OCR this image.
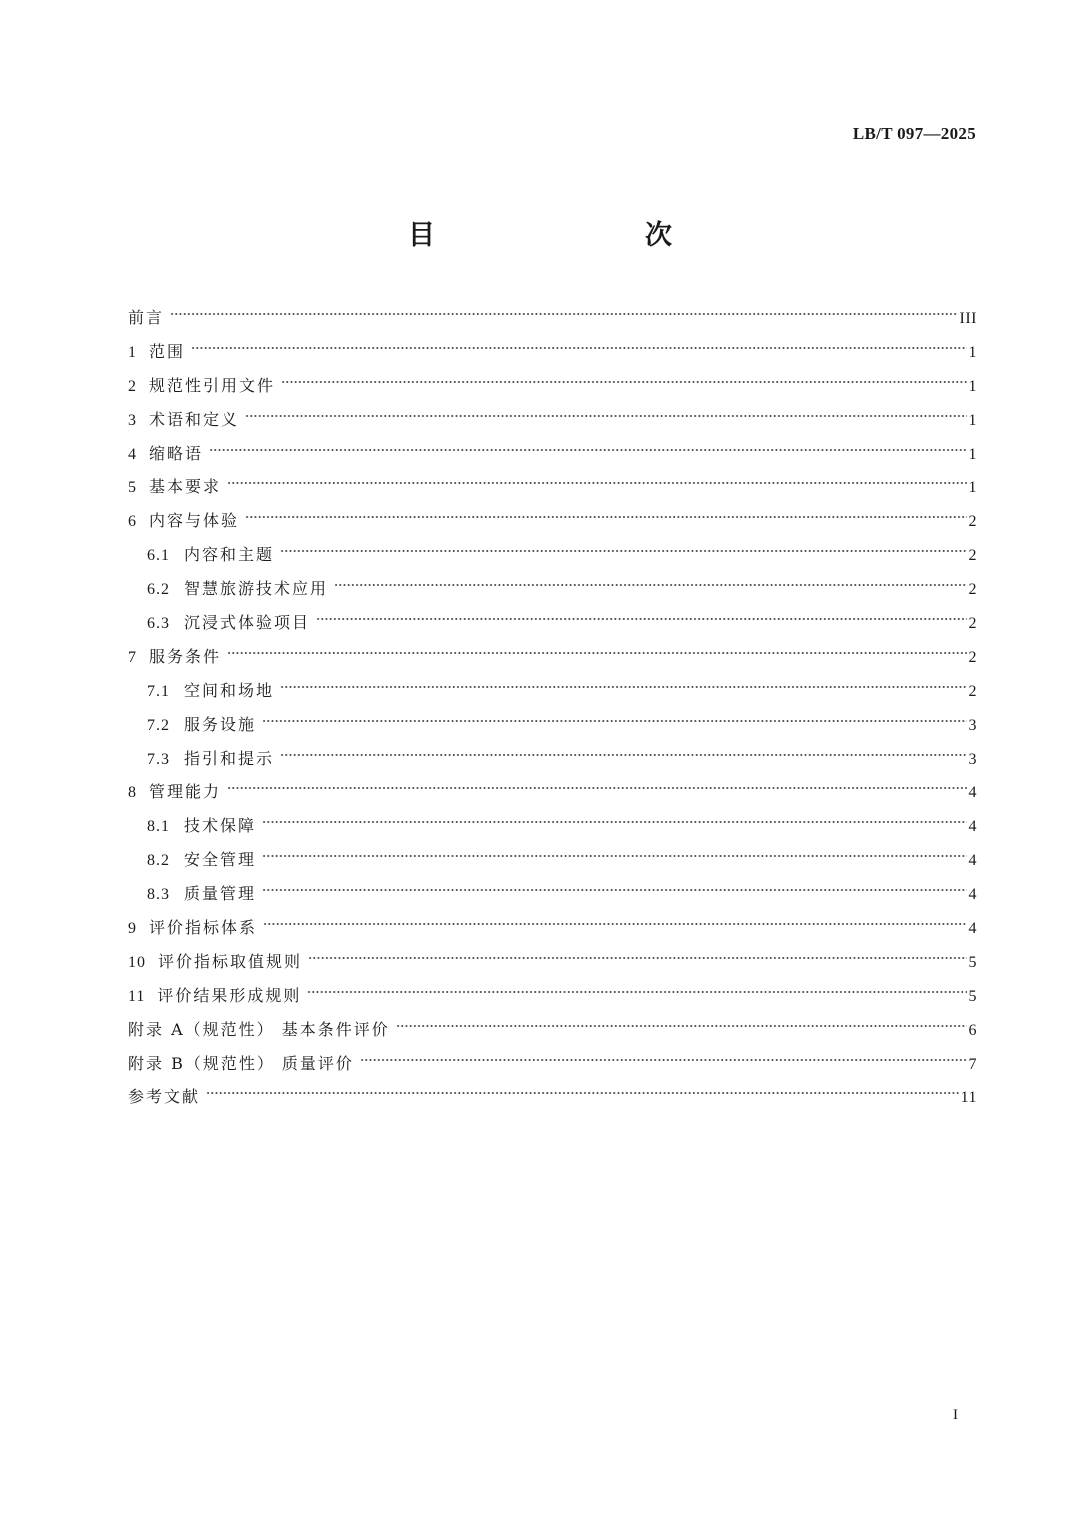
LB/T 097—2025

目　　次
前言	III
1 范围	1
2 规范性引用文件	1
3 术语和定义	1
4 缩略语	1
5 基本要求	1
6 内容与体验	2
6.1 内容和主题	2
6.2 智慧旅游技术应用	2
6.3 沉浸式体验项目	2
7 服务条件	2
7.1 空间和场地	2
7.2 服务设施	3
7.3 指引和提示	3
8 管理能力	4
8.1 技术保障	4
8.2 安全管理	4
8.3 质量管理	4
9 评价指标体系	4
10 评价指标取值规则	5
11 评价结果形成规则	5
附录 A（规范性） 基本条件评价	6
附录 B（规范性） 质量评价	7
参考文献	11

I
